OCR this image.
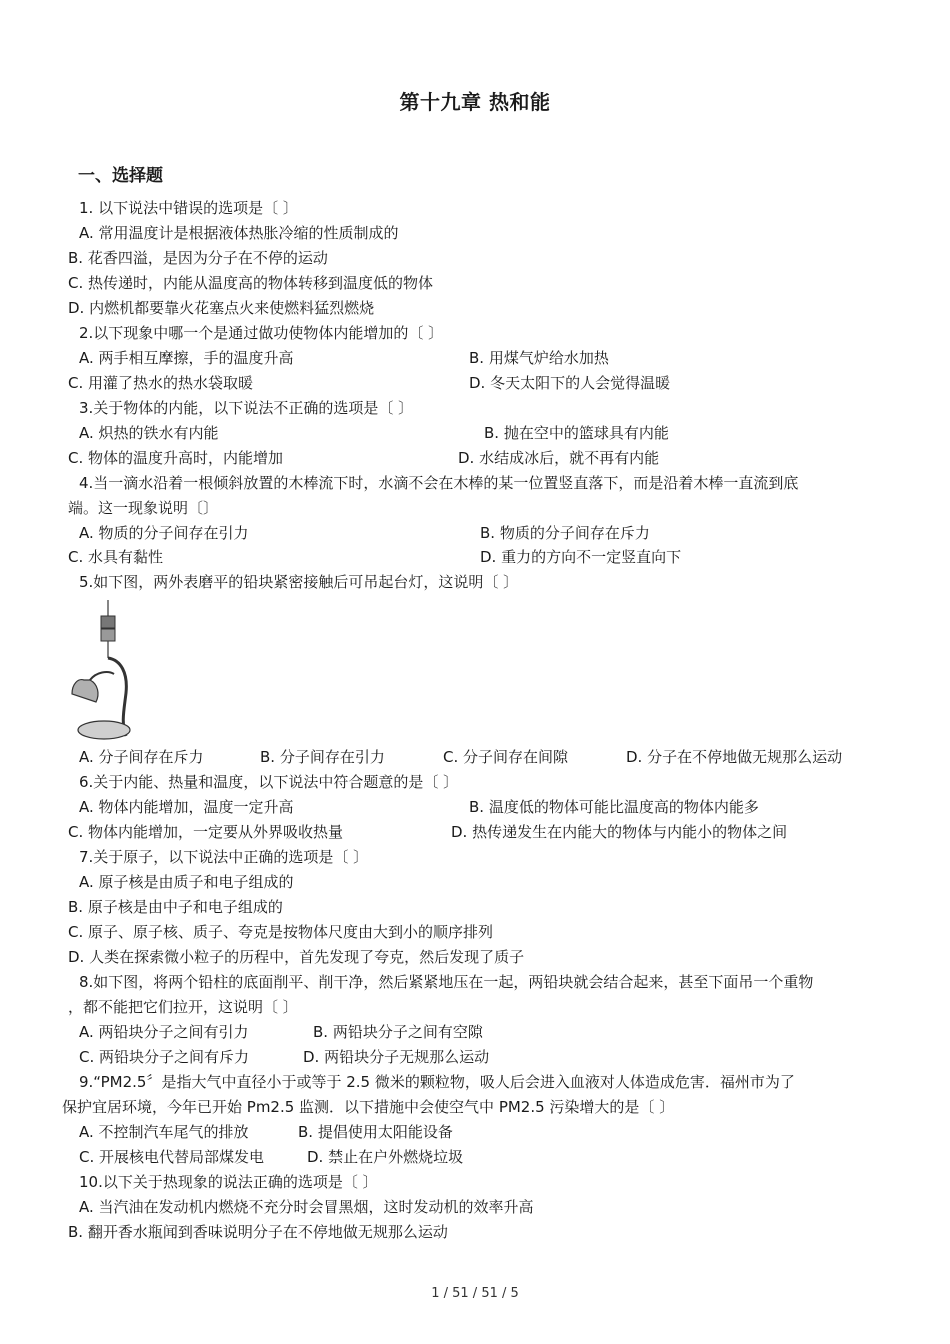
第十九章 热和能
一、选择题
1. 以下说法中错误的选项是〔 〕
A. 常用温度计是根据液体热胀冷缩的性质制成的
B. 花香四溢，是因为分子在不停的运动
C. 热传递时，内能从温度高的物体转移到温度低的物体
D. 内燃机都要靠火花塞点火来使燃料猛烈燃烧
2.以下现象中哪一个是通过做功使物体内能增加的〔 〕
A. 两手相互摩擦，手的温度升高	B. 用煤气炉给水加热
C. 用灌了热水的热水袋取暖	D. 冬天太阳下的人会觉得温暖
3.关于物体的内能，以下说法不正确的选项是〔 〕
A. 炽热的铁水有内能	B. 抛在空中的篮球具有内能
C. 物体的温度升高时，内能增加	D. 水结成冰后，就不再有内能
4.当一滴水沿着一根倾斜放置的木棒流下时，水滴不会在木棒的某一位置竖直落下，而是沿着木棒一直流到底
端。这一现象说明〔〕
A. 物质的分子间存在引力	B. 物质的分子间存在斥力
C. 水具有黏性	D. 重力的方向不一定竖直向下
5.如下图，两外表磨平的铅块紧密接触后可吊起台灯，这说明〔 〕
A. 分子间存在斥力	B. 分子间存在引力	C. 分子间存在间隙	D. 分子在不停地做无规那么运动
6.关于内能、热量和温度，以下说法中符合题意的是〔 〕
A. 物体内能增加，温度一定升高	B. 温度低的物体可能比温度高的物体内能多
C. 物体内能增加，一定要从外界吸收热量	D. 热传递发生在内能大的物体与内能小的物体之间
7.关于原子，以下说法中正确的选项是〔 〕
A. 原子核是由质子和电子组成的
B. 原子核是由中子和电子组成的
C. 原子、原子核、质子、夸克是按物体尺度由大到小的顺序排列
D. 人类在探索微小粒子的历程中，首先发现了夸克，然后发现了质子
8.如下图，将两个铅柱的底面削平、削干净，然后紧紧地压在一起，两铅块就会结合起来，甚至下面吊一个重物
，都不能把它们拉开，这说明〔 〕
A. 两铅块分子之间有引力	B. 两铅块分子之间有空隙
C. 两铅块分子之间有斥力	D. 两铅块分子无规那么运动
9.“PM2.5〞是指大气中直径小于或等于 2.5 微米的颗粒物，吸人后会进入血液对人体造成危害．福州市为了
保护宜居环境，今年已开始 Pm2.5 监测．以下措施中会使空气中 PM2.5 污染增大的是〔 〕
A. 不控制汽车尾气的排放	B. 提倡使用太阳能设备
C. 开展核电代替局部煤发电	D. 禁止在户外燃烧垃圾
10.以下关于热现象的说法正确的选项是〔 〕
A. 当汽油在发动机内燃烧不充分时会冒黑烟，这时发动机的效率升高
B. 翻开香水瓶闻到香味说明分子在不停地做无规那么运动
1 / 51 / 51 / 5
